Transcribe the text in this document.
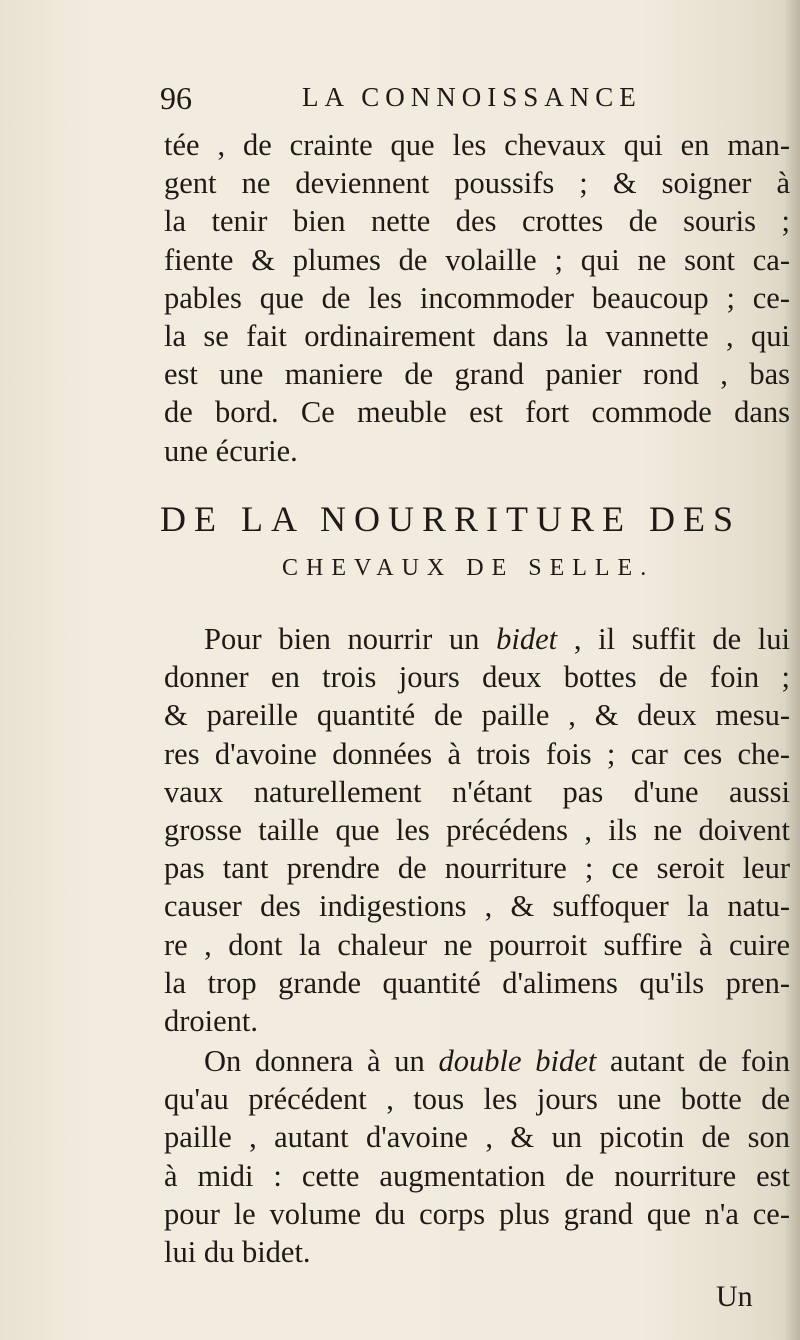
96	LA CONNOISSANCE
tée , de crainte que les chevaux qui en man-
gent ne deviennent poussifs ; & soigner à
la tenir bien nette des crottes de souris ;
fiente & plumes de volaille ; qui ne sont ca-
pables que de les incommoder beaucoup ; ce-
la se fait ordinairement dans la vannette , qui
est une maniere de grand panier rond , bas
de bord. Ce meuble est fort commode dans
une écurie.
DE LA NOURRITURE DES
CHEVAUX DE SELLE.
Pour bien nourrir un bidet , il suffit de lui
donner en trois jours deux bottes de foin ;
& pareille quantité de paille , & deux mesu-
res d'avoine données à trois fois ; car ces che-
vaux naturellement n'étant pas d'une aussi
grosse taille que les précédens , ils ne doivent
pas tant prendre de nourriture ; ce seroit leur
causer des indigestions , & suffoquer la natu-
re , dont la chaleur ne pourroit suffire à cuire
la trop grande quantité d'alimens qu'ils pren-
droient.
On donnera à un double bidet autant de foin
qu'au précédent , tous les jours une botte de
paille , autant d'avoine , & un picotin de son
à midi : cette augmentation de nourriture est
pour le volume du corps plus grand que n'a ce-
lui du bidet.
Un
